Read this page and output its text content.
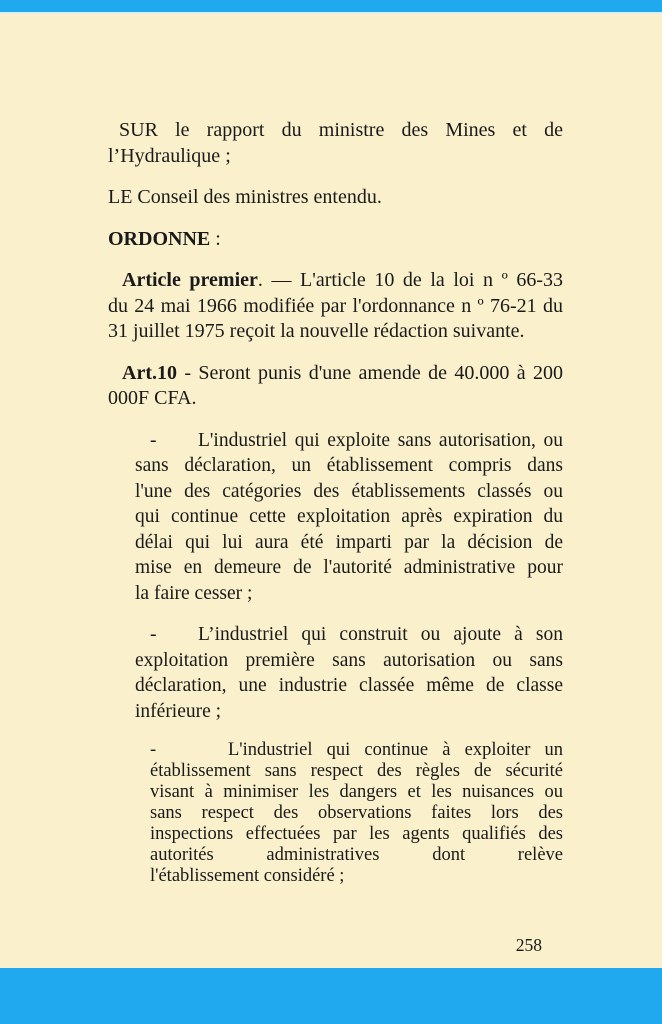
SUR le rapport du ministre des Mines et de
l’Hydraulique ;
LE Conseil des ministres entendu.
ORDONNE :
Article premier. — L'article 10 de la loi n º 66-33
du 24 mai 1966 modifiée par l'ordonnance n º 76-21 du
31 juillet 1975 reçoit la nouvelle rédaction suivante.
Art.10 - Seront punis d'une amende de 40.000 à 200
000F CFA.
-	L'industriel qui exploite sans autorisation, ou
sans déclaration, un établissement compris dans
l'une des catégories des établissements classés ou
qui continue cette exploitation après expiration du
délai qui lui aura été imparti par la décision de
mise en demeure de l'autorité administrative pour
la faire cesser ;
-	L’industriel qui construit ou ajoute à son
exploitation première sans autorisation ou sans
déclaration, une industrie classée même de classe
inférieure ;
-	L'industriel qui continue à exploiter un
établissement sans respect des règles de sécurité
visant à minimiser les dangers et les nuisances ou
sans respect des observations faites lors des
inspections effectuées par les agents qualifiés des
autorités administratives dont relève
l'établissement considéré ;
258
